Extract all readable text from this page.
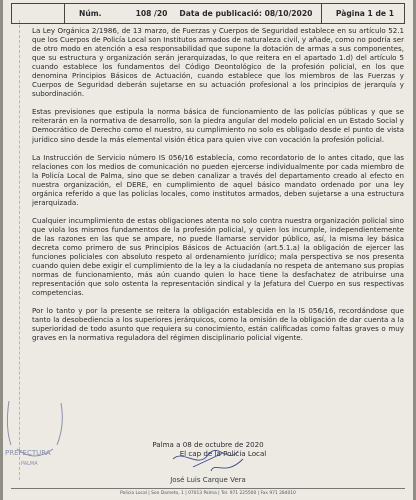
Núm.	108 /20 Data de publicació: 08/10/2020	Pàgina 1 de 1

La Ley Orgánica 2/1986, de 13 marzo, de Fuerzas y Cuerpos de Seguridad establece en su artículo 52.1 que los Cuerpos de Policía Local son Institutos armados de naturaleza civil, y añade, como no podría ser de otro modo en atención a esa responsabilidad que supone la dotación de armas a sus componentes, que su estructura y organización serán jerarquizadas, lo que reitera en el apartado 1.d) del artículo 5 cuando establece los fundamentos del Código Deontológico de la profesión policial, en los que denomina Principios Básicos de Actuación, cuando establece que los miembros de las Fuerzas y Cuerpos de Seguridad deberán sujetarse en su actuación profesional a los principios de jerarquía y subordinación.

Estas previsiones que estipula la norma básica de funcionamiento de las policías públicas y que se reiterarán en la normativa de desarrollo, son la piedra angular del modelo policial en un Estado Social y Democrático de Derecho como el nuestro, su cumplimiento no solo es obligado desde el punto de vista jurídico sino desde la más elemental visión ética para quien vive con vocación la profesión policial.

La Instrucción de Servicio número IS 056/16 establecía, como recordatorio de lo antes citado, que las relaciones con los medios de comunicación no pueden ejercerse individualmente por cada miembro de la Policía Local de Palma, sino que se deben canalizar a través del departamento creado al efecto en nuestra organización, el DERE, en cumplimiento de aquel básico mandato ordenado por una ley orgánica referido a que las policías locales, como institutos armados, deben sujetarse a una estructura jerarquizada.

Cualquier incumplimiento de estas obligaciones atenta no solo contra nuestra organización policial sino que viola los mismos fundamentos de la profesión policial, y quien los incumple, independientemente de las razones en las que se ampare, no puede llamarse servidor público, así, la misma ley básica decreta como primero de sus Principios Básicos de Actuación (art.5.1.a) la obligación de ejercer las funciones policiales con absoluto respeto al ordenamiento jurídico; mala perspectiva se nos presenta cuando quien debe exigir el cumplimiento de la ley a la ciudadanía no respeta de antemano sus propias normas de funcionamiento, más aún cuando quien lo hace tiene la desfachatez de atribuirse una representación que solo ostenta la representación sindical y la Jefatura del Cuerpo en sus respectivas competencias.

Por lo tanto y por la presente se reitera la obligación establecida en la IS 056/16, recordándose que tanto la desobediencia a los superiores jerárquicos, como la omisión de la obligación de dar cuenta a la superioridad de todo asunto que requiera su conocimiento, están calificadas como faltas graves o muy graves en la normativa reguladora del régimen disciplinario policial vigente.

PREFECTURA
PALMA
Palma a 08 de octubre de 2020
El cap de la Policia Local
José Luis Carque Vera
Policia Local | Son Dameto, 1 | 07013 Palma | Tel. 971 225500 | Fax 971 284010
